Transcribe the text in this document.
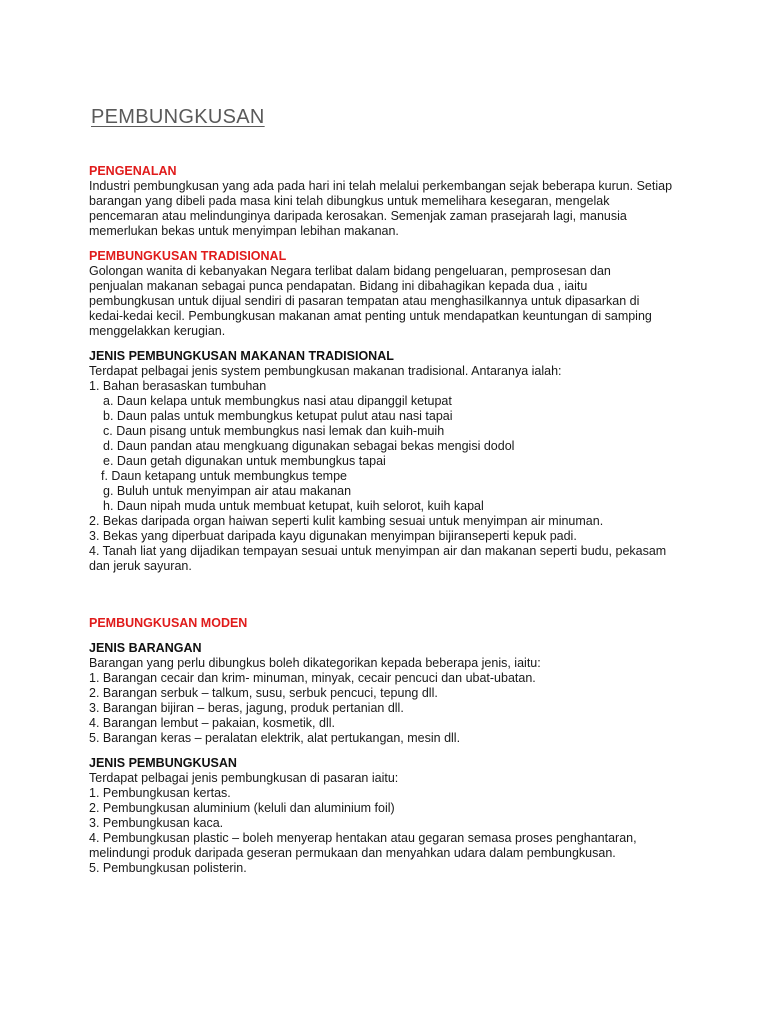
PEMBUNGKUSAN

PENGENALAN

Industri pembungkusan yang ada pada hari ini telah melalui perkembangan sejak beberapa kurun. Setiap

barangan yang dibeli pada masa kini telah dibungkus untuk memelihara kesegaran, mengelak

pencemaran atau melindunginya daripada kerosakan. Semenjak zaman prasejarah lagi, manusia

memerlukan bekas untuk menyimpan lebihan makanan.

PEMBUNGKUSAN TRADISIONAL

Golongan wanita di kebanyakan Negara terlibat dalam bidang pengeluaran, pemprosesan dan

penjualan makanan sebagai punca pendapatan. Bidang ini dibahagikan kepada dua , iaitu

pembungkusan untuk dijual sendiri di pasaran tempatan atau menghasilkannya untuk dipasarkan di

kedai-kedai kecil. Pembungkusan makanan amat penting untuk mendapatkan keuntungan di samping

menggelakkan kerugian.

JENIS PEMBUNGKUSAN MAKANAN TRADISIONAL

Terdapat pelbagai jenis system pembungkusan makanan tradisional. Antaranya ialah:

1. Bahan berasaskan tumbuhan

a. Daun kelapa untuk membungkus nasi atau dipanggil ketupat

b. Daun palas untuk membungkus ketupat pulut atau nasi tapai

c. Daun pisang untuk membungkus nasi lemak dan kuih-muih

d. Daun pandan atau mengkuang digunakan sebagai bekas mengisi dodol

e. Daun getah digunakan untuk membungkus tapai

f. Daun ketapang untuk membungkus tempe

g. Buluh untuk menyimpan air atau makanan

h. Daun nipah muda untuk membuat ketupat, kuih selorot, kuih kapal

2. Bekas daripada organ haiwan seperti kulit kambing sesuai untuk menyimpan air minuman.

3. Bekas yang diperbuat daripada kayu digunakan menyimpan bijiranseperti kepuk padi.

4. Tanah liat yang dijadikan tempayan sesuai untuk menyimpan air dan makanan seperti budu, pekasam

dan jeruk sayuran.

PEMBUNGKUSAN MODEN

JENIS BARANGAN

Barangan yang perlu dibungkus boleh dikategorikan kepada beberapa jenis, iaitu:

1. Barangan cecair dan krim- minuman, minyak, cecair pencuci dan ubat-ubatan.

2. Barangan serbuk – talkum, susu, serbuk pencuci, tepung dll.

3. Barangan bijiran – beras, jagung, produk pertanian dll.

4. Barangan lembut – pakaian, kosmetik, dll.

5. Barangan keras – peralatan elektrik, alat pertukangan, mesin dll.

JENIS PEMBUNGKUSAN

Terdapat pelbagai jenis pembungkusan di pasaran iaitu:

1. Pembungkusan kertas.

2. Pembungkusan aluminium (keluli dan aluminium foil)

3. Pembungkusan kaca.

4. Pembungkusan plastic – boleh menyerap hentakan atau gegaran semasa proses penghantaran,

melindungi produk daripada geseran permukaan dan menyahkan udara dalam pembungkusan.

5. Pembungkusan polisterin.
